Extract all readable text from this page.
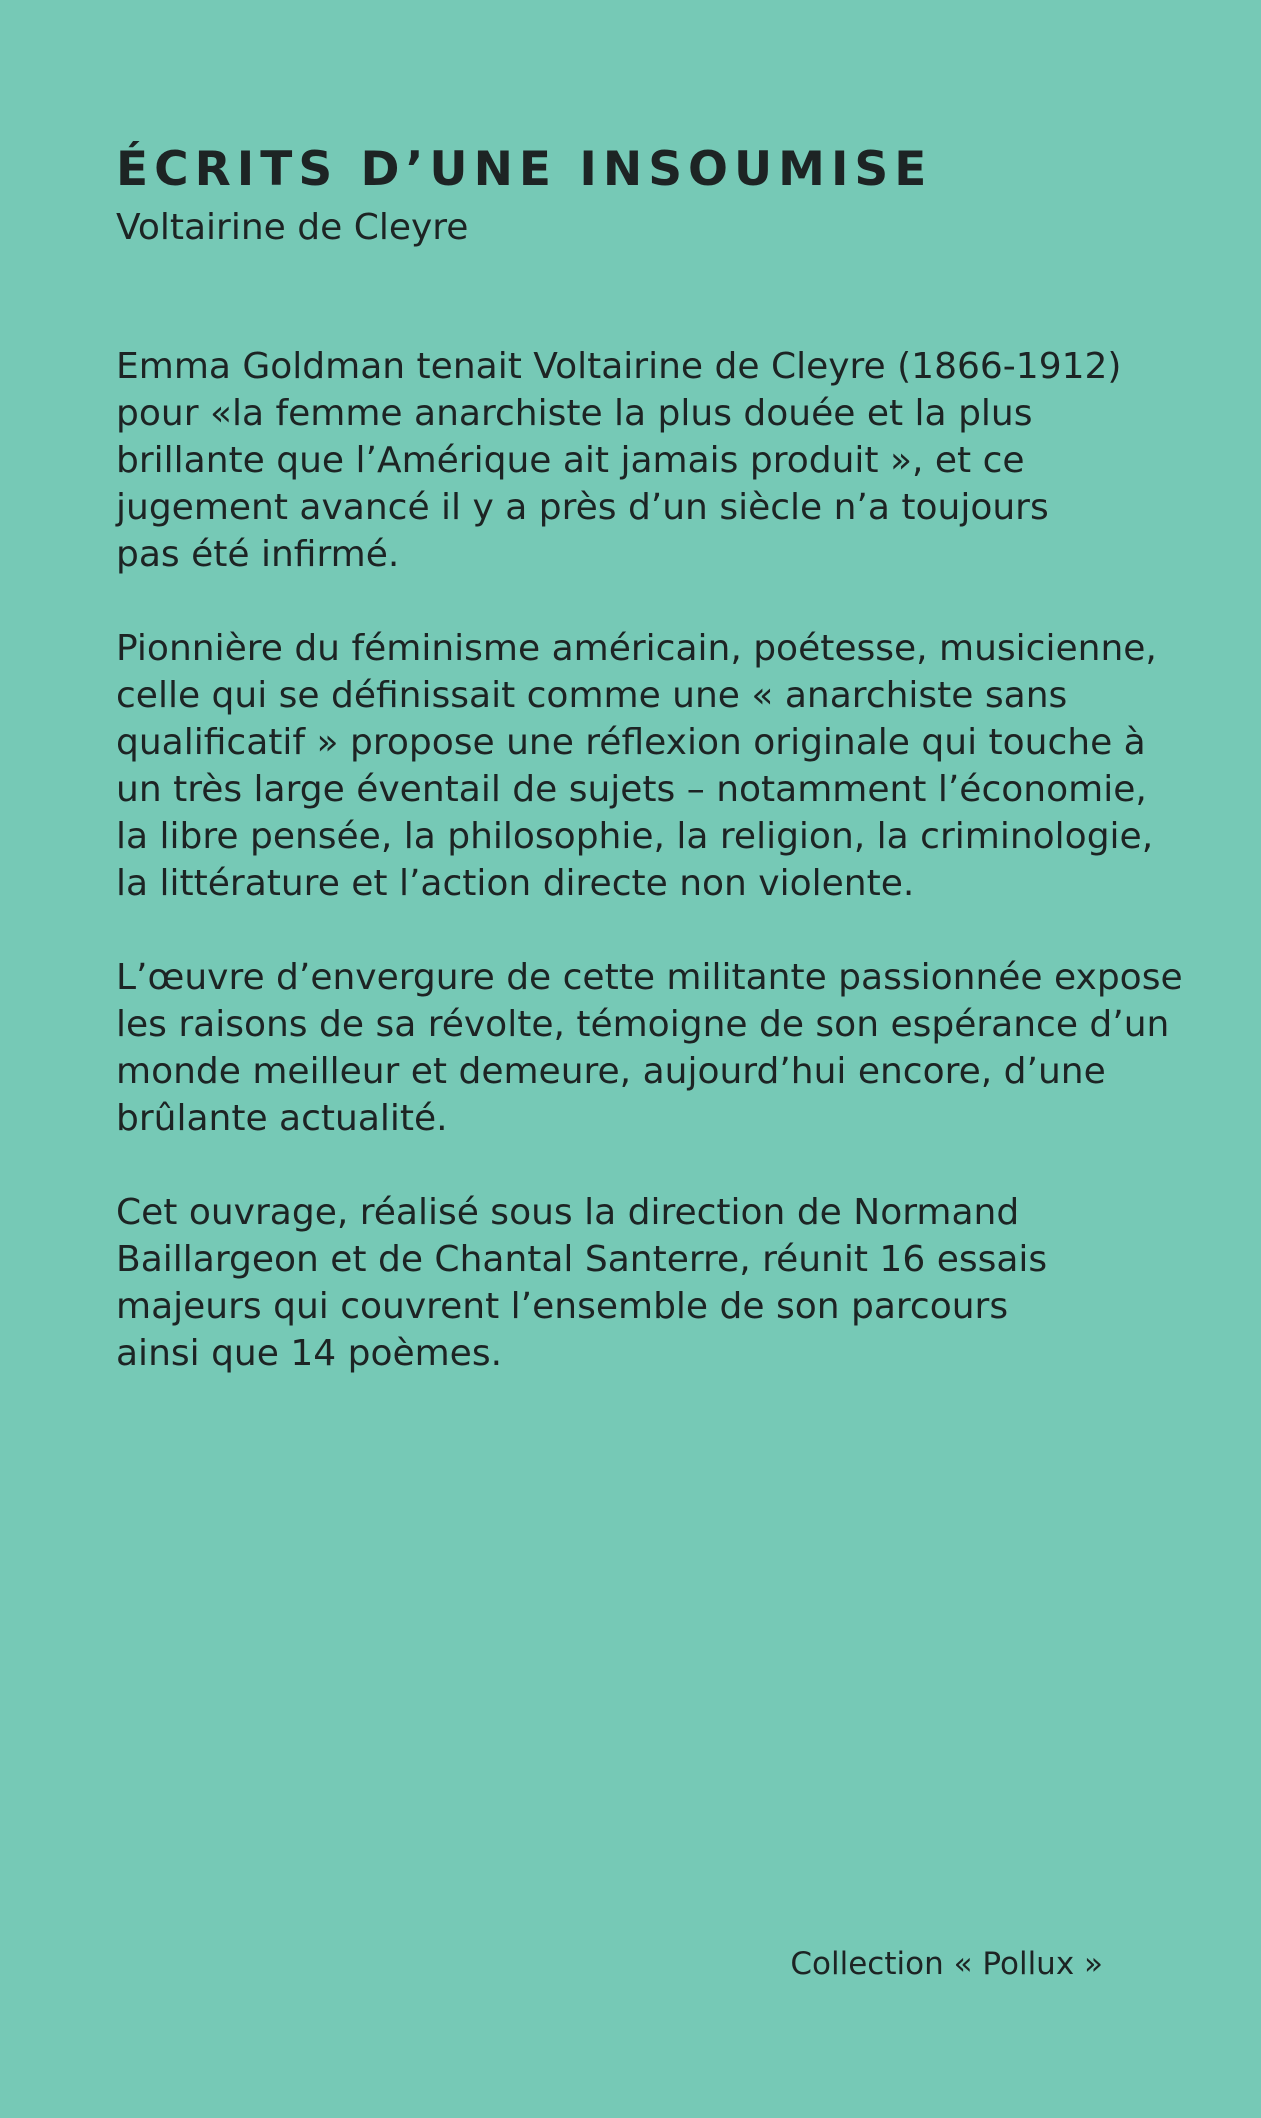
ÉCRITS D’UNE INSOUMISE

Voltairine de Cleyre

Emma Goldman tenait Voltairine de Cleyre (1866-1912)
pour «la femme anarchiste la plus douée et la plus
brillante que l’Amérique ait jamais produit », et ce
jugement avancé il y a près d’un siècle n’a toujours
pas été infirmé.

Pionnière du féminisme américain, poétesse, musicienne,
celle qui se définissait comme une « anarchiste sans
qualificatif » propose une réflexion originale qui touche à
un très large éventail de sujets – notamment l’économie,
la libre pensée, la philosophie, la religion, la criminologie,
la littérature et l’action directe non violente.

L’œuvre d’envergure de cette militante passionnée expose
les raisons de sa révolte, témoigne de son espérance d’un
monde meilleur et demeure, aujourd’hui encore, d’une
brûlante actualité.

Cet ouvrage, réalisé sous la direction de Normand
Baillargeon et de Chantal Santerre, réunit 16 essais
majeurs qui couvrent l’ensemble de son parcours
ainsi que 14 poèmes.

Collection « Pollux »
